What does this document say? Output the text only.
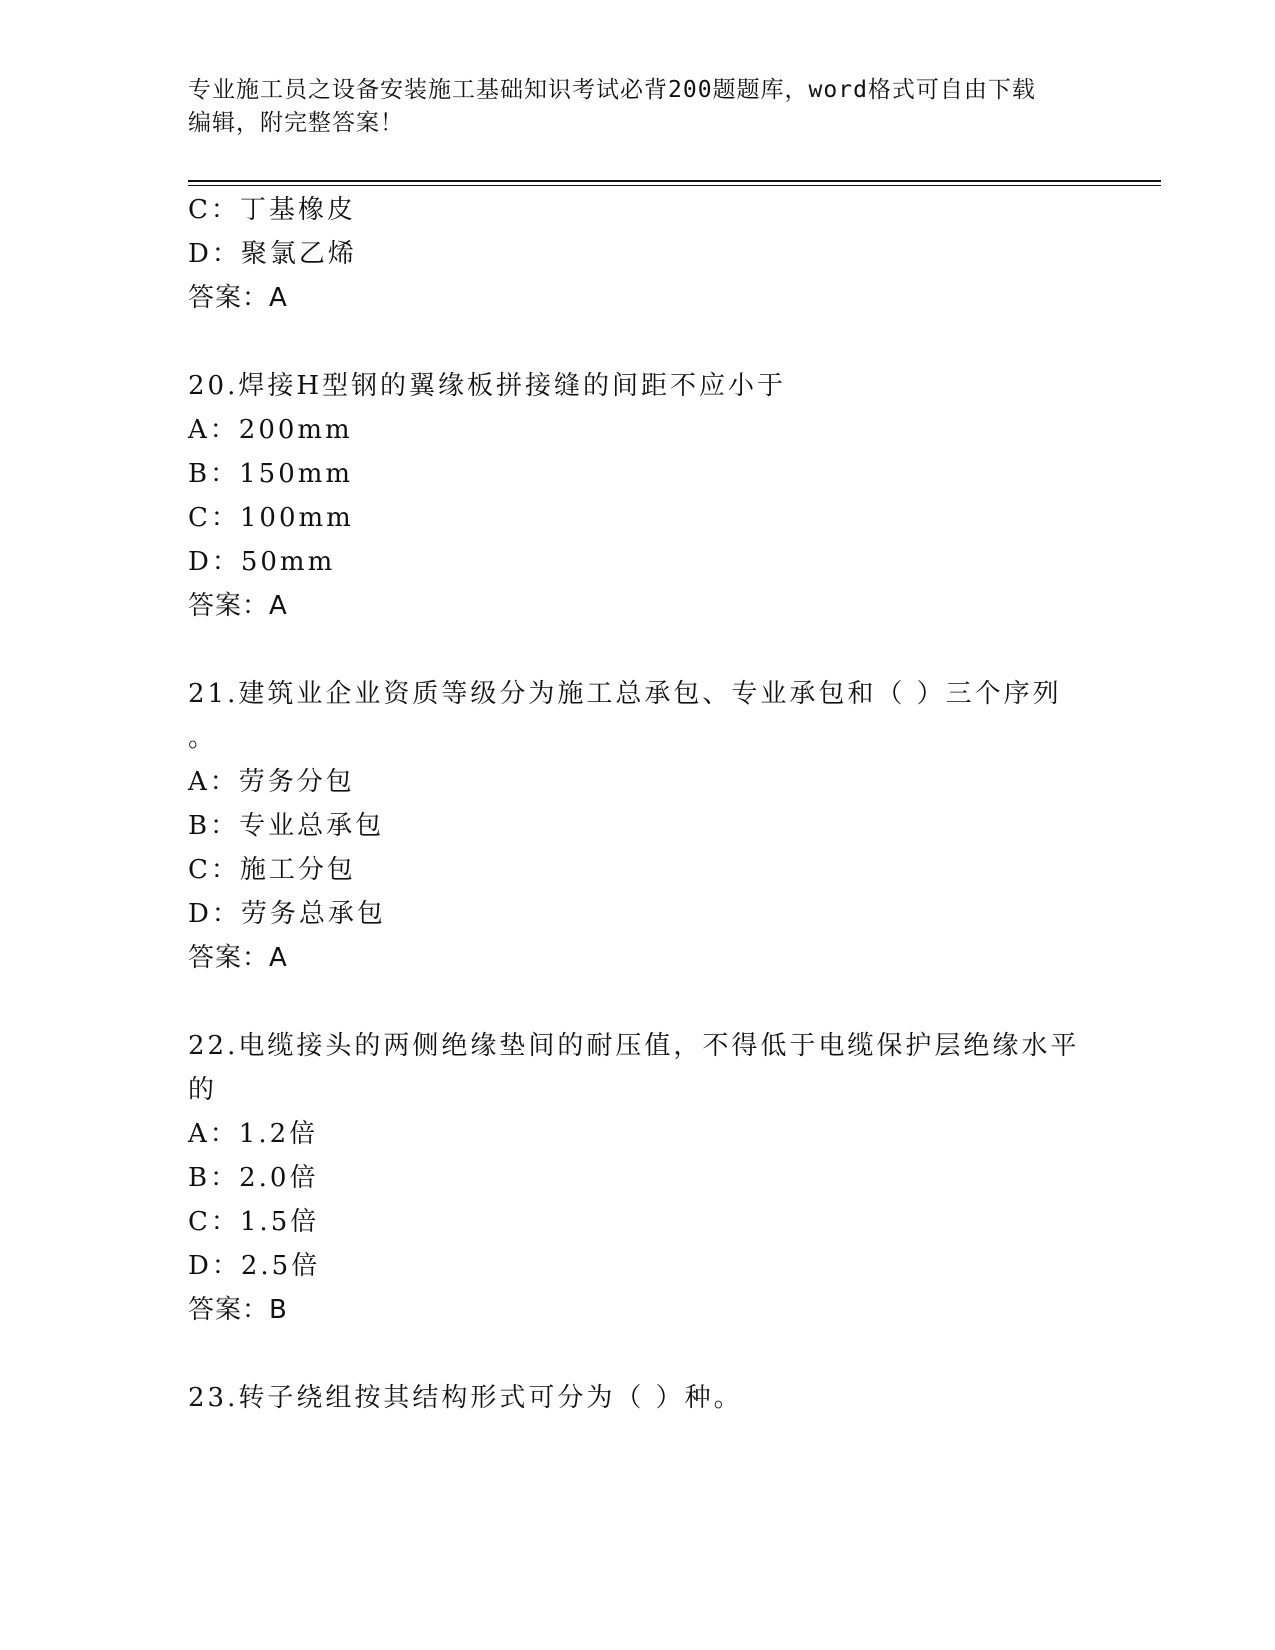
专业施工员之设备安装施工基础知识考试必背200题题库，word格式可自由下载
编辑，附完整答案！
C：丁基橡皮
D：聚氯乙烯
答案：A
20.焊接H型钢的翼缘板拼接缝的间距不应小于
A：200mm
B：150mm
C：100mm
D：50mm
答案：A
21.建筑业企业资质等级分为施工总承包、专业承包和（ ）三个序列
。
A：劳务分包
B：专业总承包
C：施工分包
D：劳务总承包
答案：A
22.电缆接头的两侧绝缘垫间的耐压值，不得低于电缆保护层绝缘水平
的
A：1.2倍
B：2.0倍
C：1.5倍
D：2.5倍
答案：B
23.转子绕组按其结构形式可分为（ ）种。
